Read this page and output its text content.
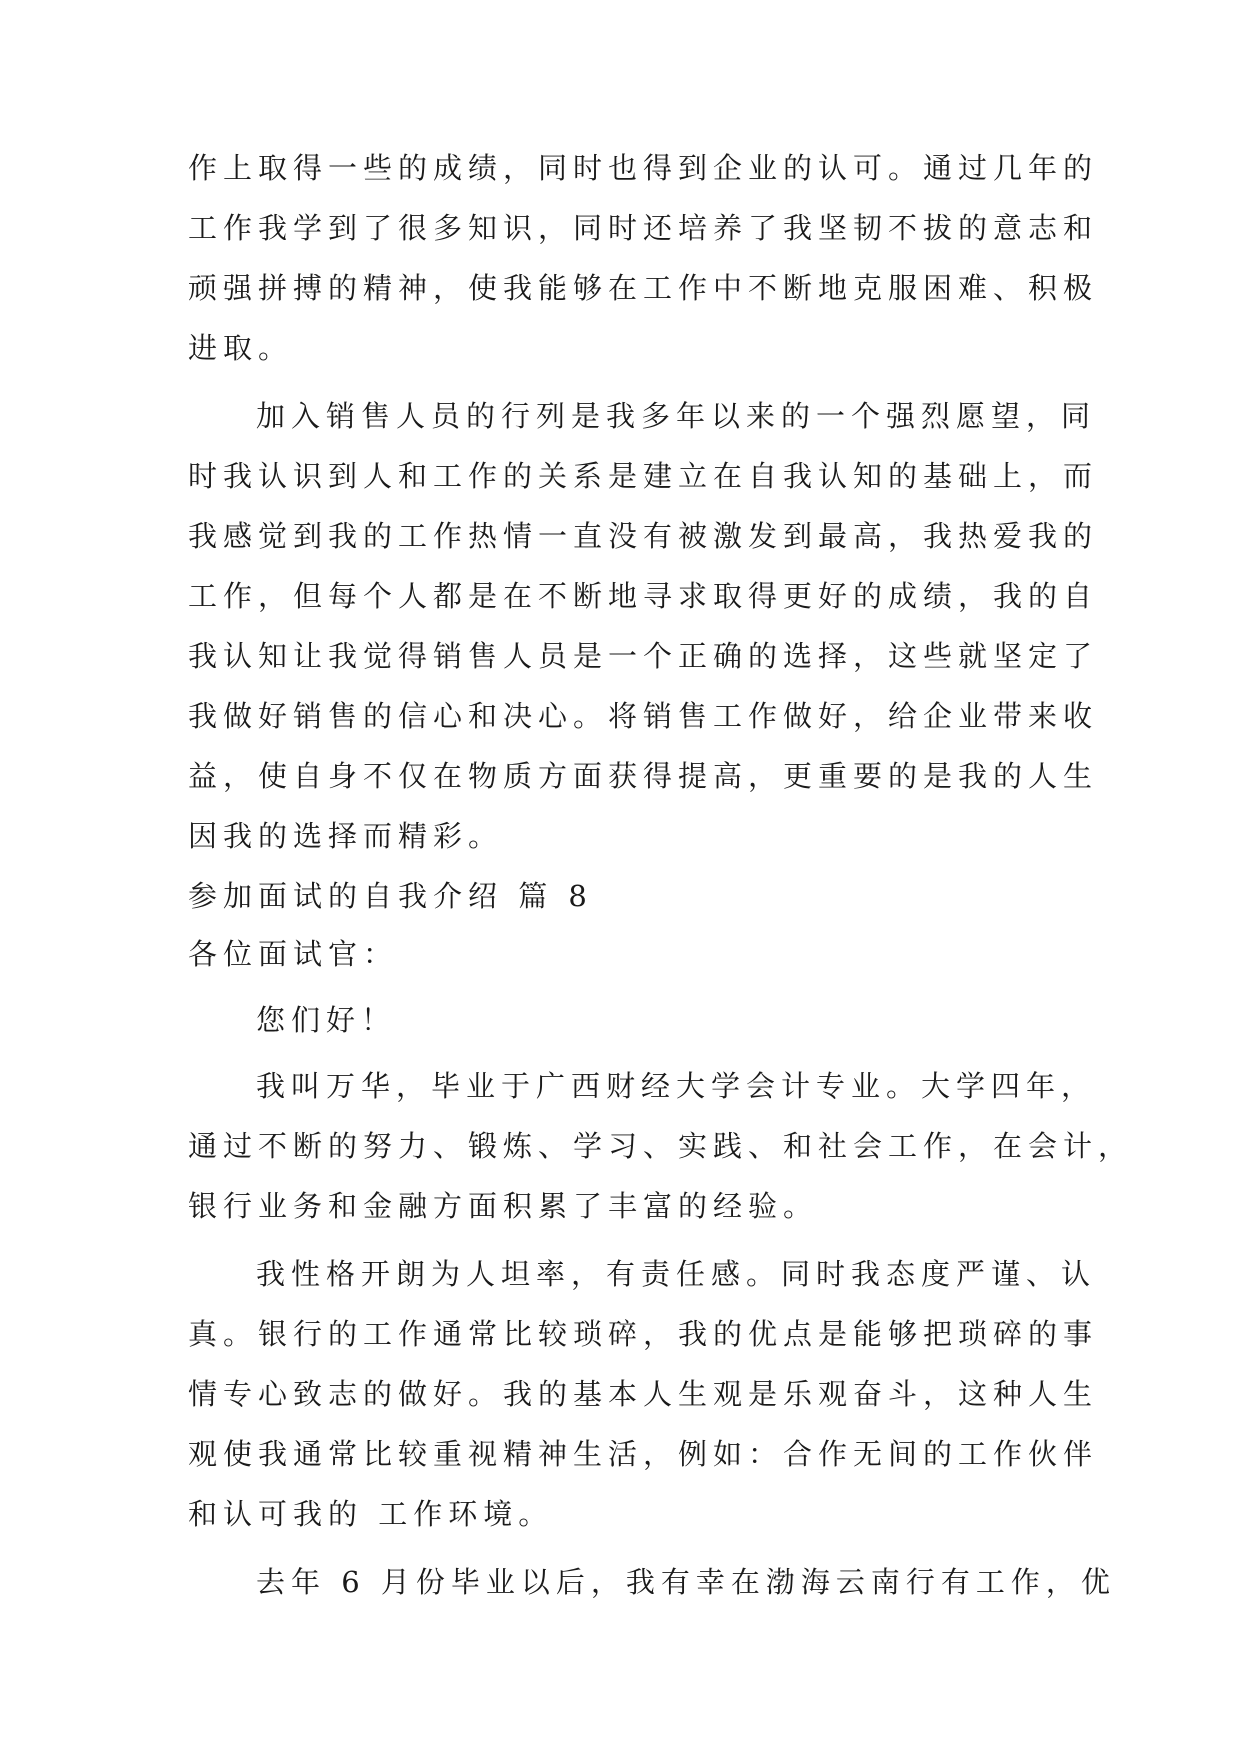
作上取得一些的成绩，同时也得到企业的认可。通过几年的
工作我学到了很多知识，同时还培养了我坚韧不拔的意志和
顽强拼搏的精神，使我能够在工作中不断地克服困难、积极
进取。
加入销售人员的行列是我多年以来的一个强烈愿望，同
时我认识到人和工作的关系是建立在自我认知的基础上，而
我感觉到我的工作热情一直没有被激发到最高，我热爱我的
工作，但每个人都是在不断地寻求取得更好的成绩，我的自
我认知让我觉得销售人员是一个正确的选择，这些就坚定了
我做好销售的信心和决心。将销售工作做好，给企业带来收
益，使自身不仅在物质方面获得提高，更重要的是我的人生
因我的选择而精彩。
参加面试的自我介绍 篇 8
各位面试官：
您们好！
我叫万华，毕业于广西财经大学会计专业。大学四年，
通过不断的努力、锻炼、学习、实践、和社会工作，在会计，
银行业务和金融方面积累了丰富的经验。
我性格开朗为人坦率，有责任感。同时我态度严谨、认
真。银行的工作通常比较琐碎，我的优点是能够把琐碎的事
情专心致志的做好。我的基本人生观是乐观奋斗，这种人生
观使我通常比较重视精神生活，例如：合作无间的工作伙伴
和认可我的 工作环境。
去年 6 月份毕业以后，我有幸在渤海云南行有工作，优
